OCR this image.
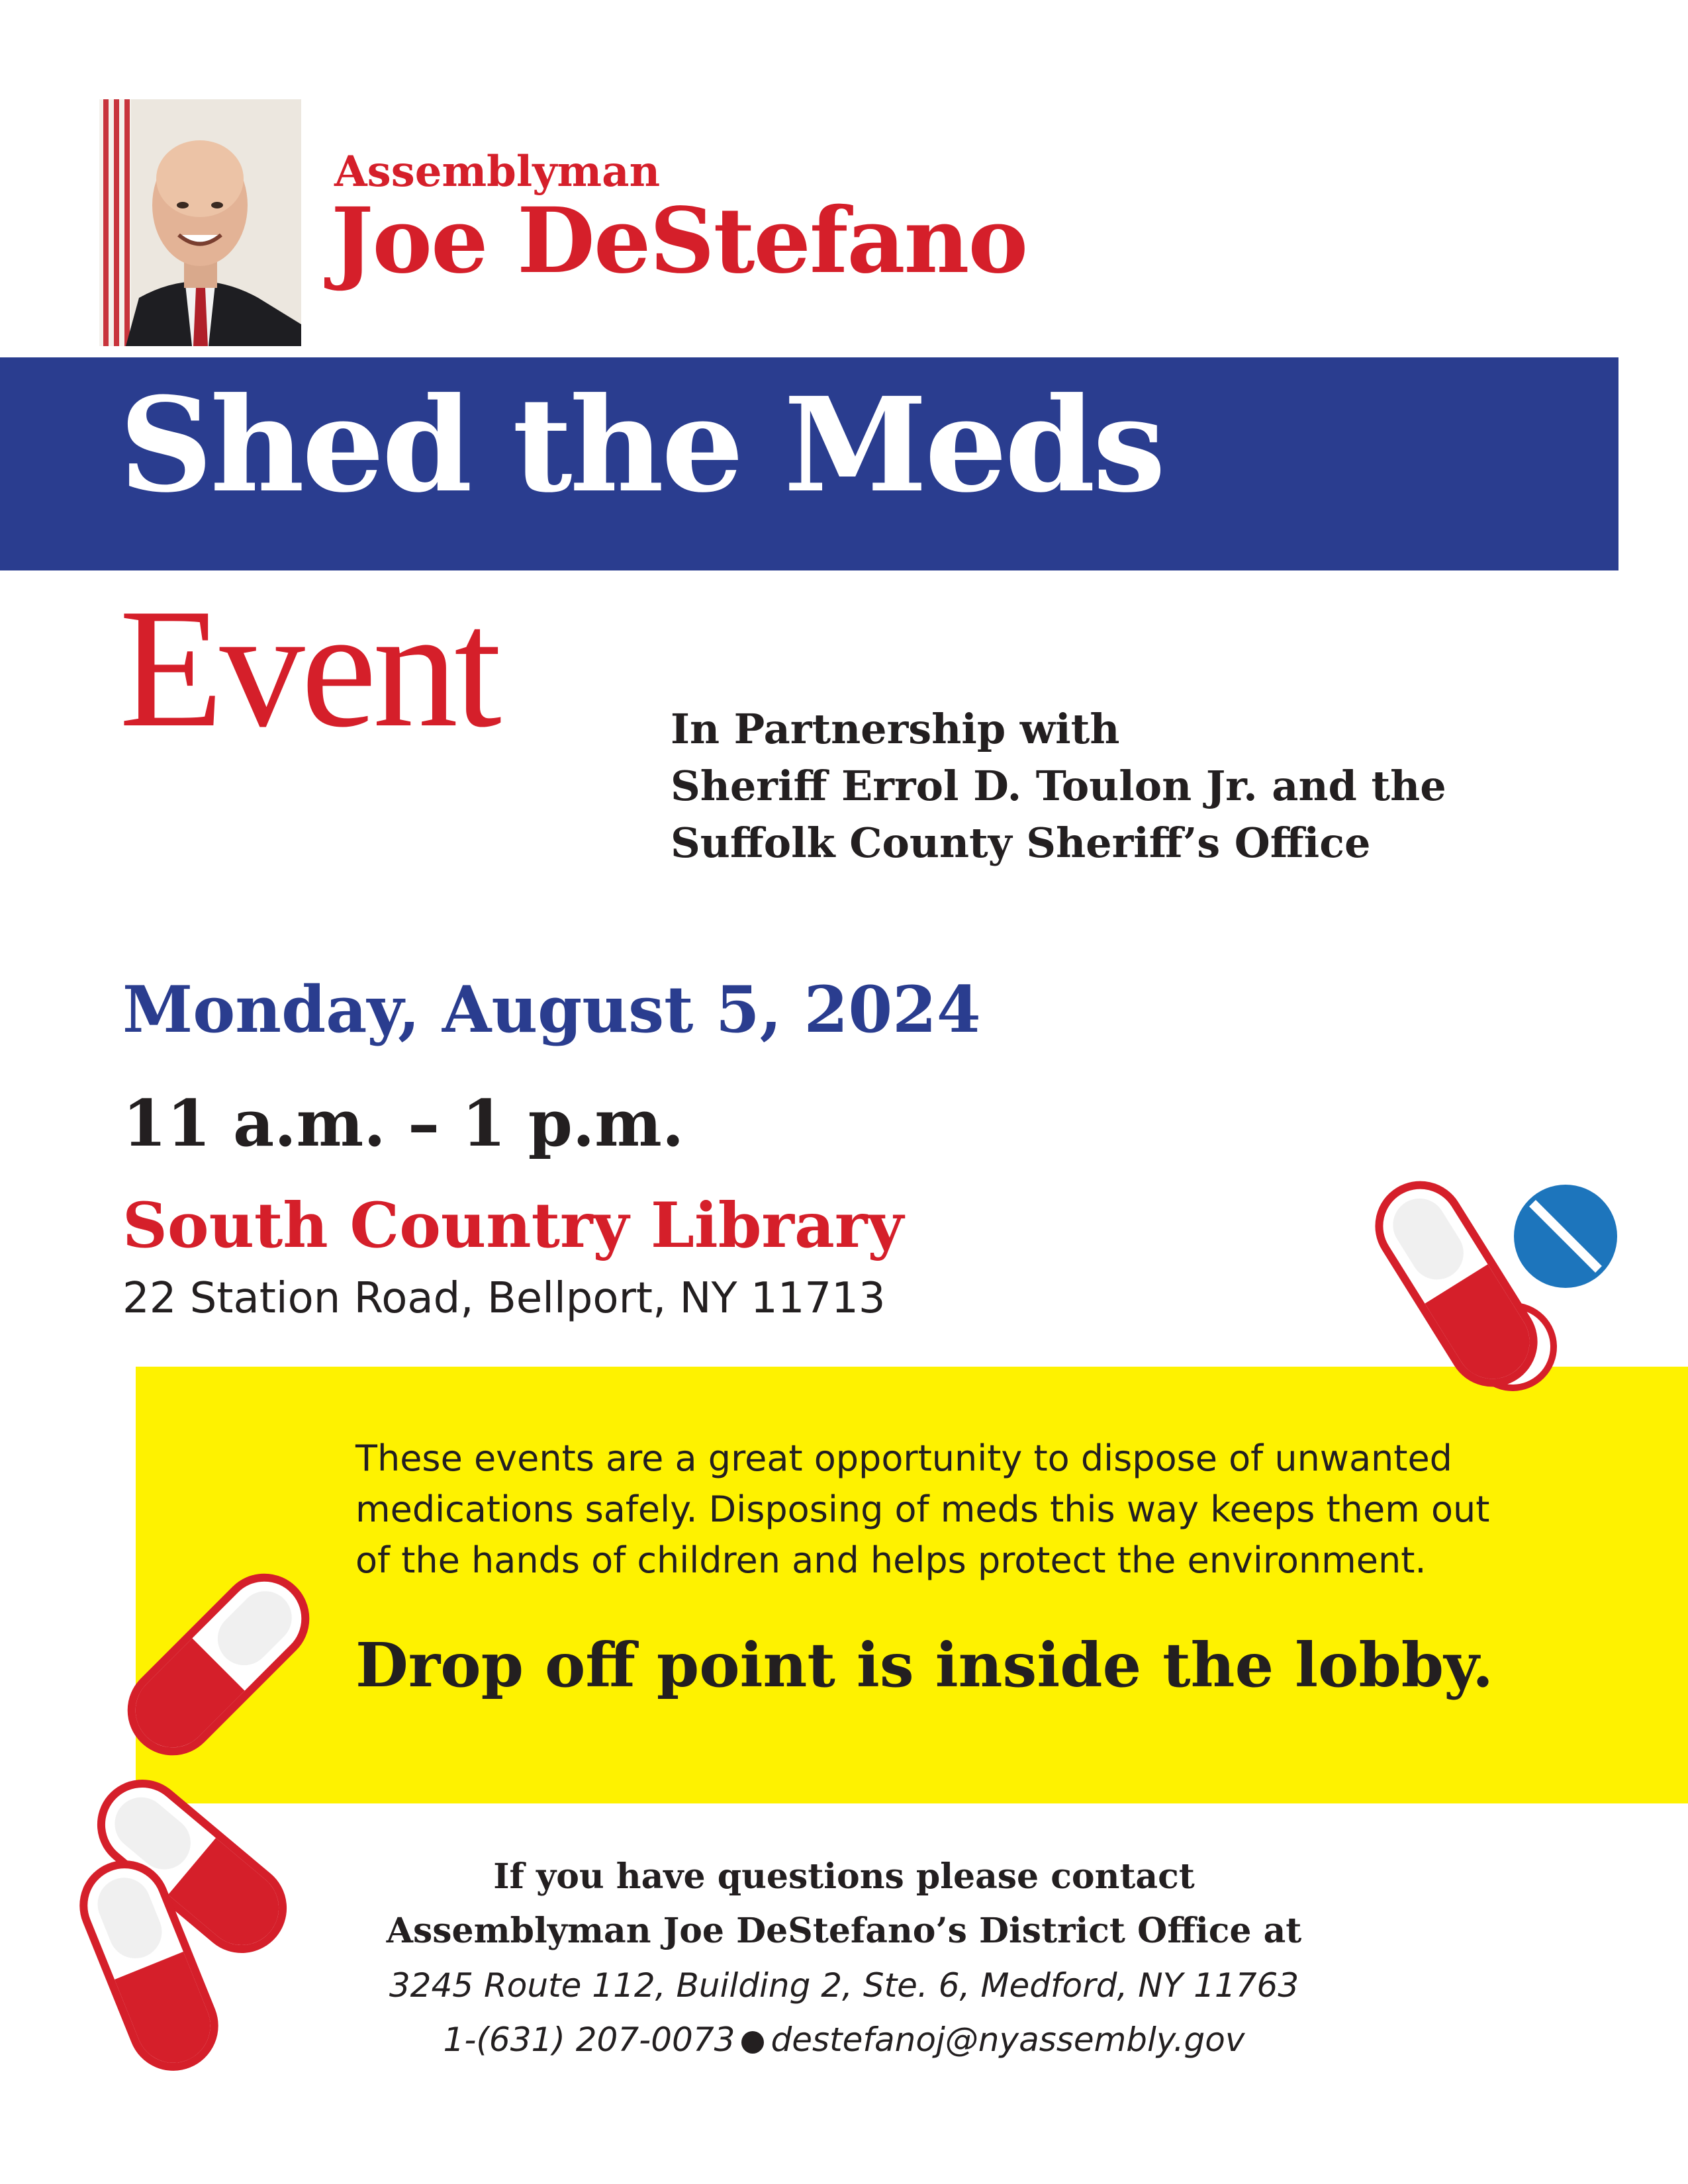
Assemblyman
Joe DeStefano
Shed the Meds
Event	In Partnership with
Sheriff Errol D. Toulon Jr. and the
Suffolk County Sheriff’s Office
Monday, August 5, 2024
11 a.m. – 1 p.m.
South Country Library
22 Station Road, Bellport, NY 11713
These events are a great opportunity to dispose of unwanted
medications safely. Disposing of meds this way keeps them out
of the hands of children and helps protect the environment.
Drop off point is inside the lobby.
If you have questions please contact
Assemblyman Joe DeStefano’s District Office at
3245 Route 112, Building 2, Ste. 6, Medford, NY 11763
1-(631) 207-0073 destefanoj@nyassembly.gov
